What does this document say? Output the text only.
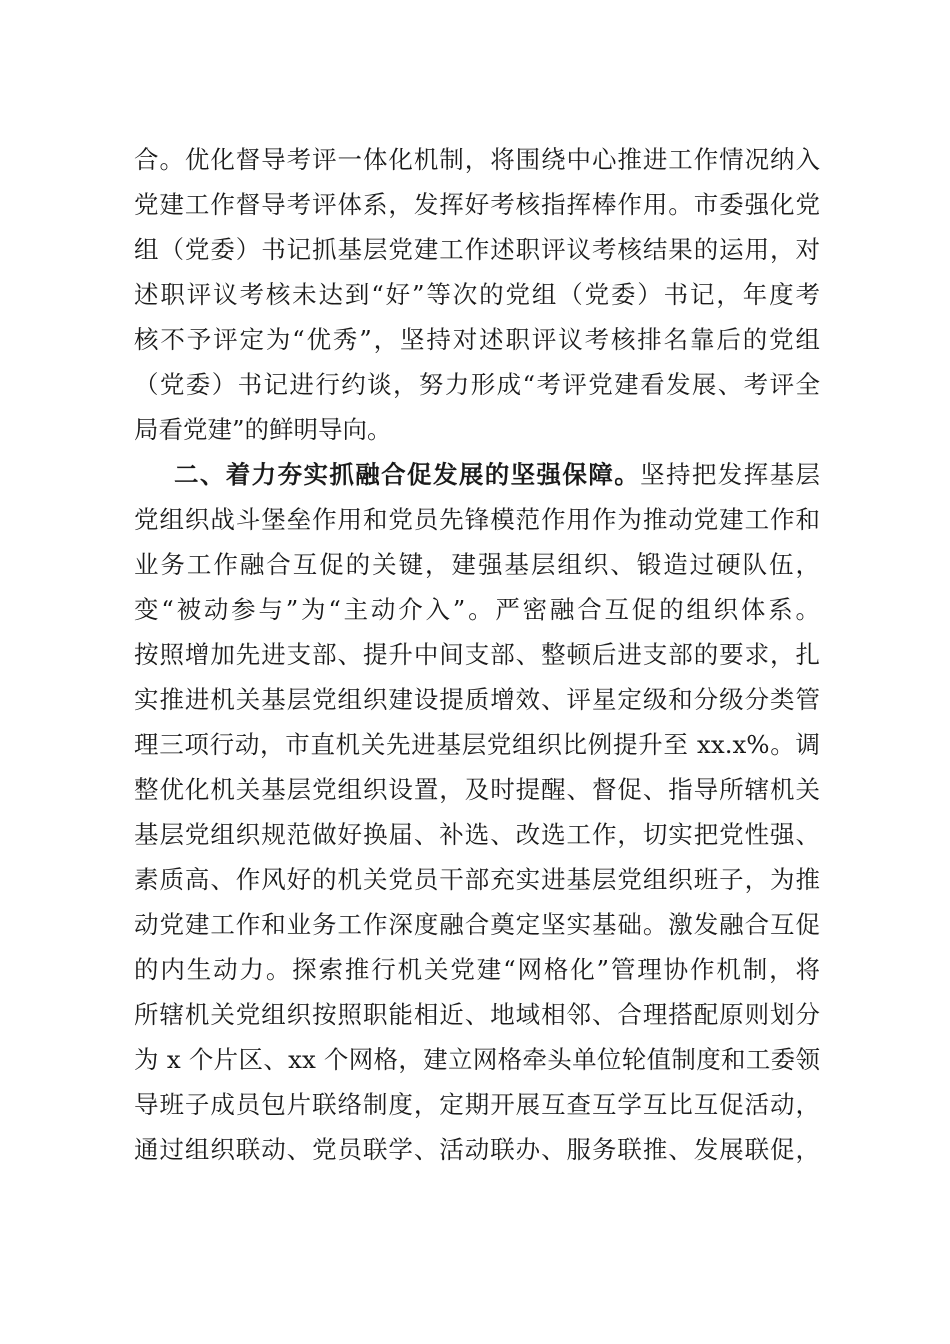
合。优化督导考评一体化机制，将围绕中心推进工作情况纳入
党建工作督导考评体系，发挥好考核指挥棒作用。市委强化党
组（党委）书记抓基层党建工作述职评议考核结果的运用，对
述职评议考核未达到“好”等次的党组（党委）书记，年度考
核不予评定为“优秀”，坚持对述职评议考核排名靠后的党组
（党委）书记进行约谈，努力形成“考评党建看发展、考评全
局看党建”的鲜明导向。
二、着力夯实抓融合促发展的坚强保障。坚持把发挥基层
党组织战斗堡垒作用和党员先锋模范作用作为推动党建工作和
业务工作融合互促的关键，建强基层组织、锻造过硬队伍，
变“被动参与”为“主动介入”。严密融合互促的组织体系。
按照增加先进支部、提升中间支部、整顿后进支部的要求，扎
实推进机关基层党组织建设提质增效、评星定级和分级分类管
理三项行动，市直机关先进基层党组织比例提升至 xx.x%。调
整优化机关基层党组织设置，及时提醒、督促、指导所辖机关
基层党组织规范做好换届、补选、改选工作，切实把党性强、
素质高、作风好的机关党员干部充实进基层党组织班子，为推
动党建工作和业务工作深度融合奠定坚实基础。激发融合互促
的内生动力。探索推行机关党建“网格化”管理协作机制，将
所辖机关党组织按照职能相近、地域相邻、合理搭配原则划分
为 x 个片区、xx 个网格，建立网格牵头单位轮值制度和工委领
导班子成员包片联络制度，定期开展互查互学互比互促活动，
通过组织联动、党员联学、活动联办、服务联推、发展联促，
